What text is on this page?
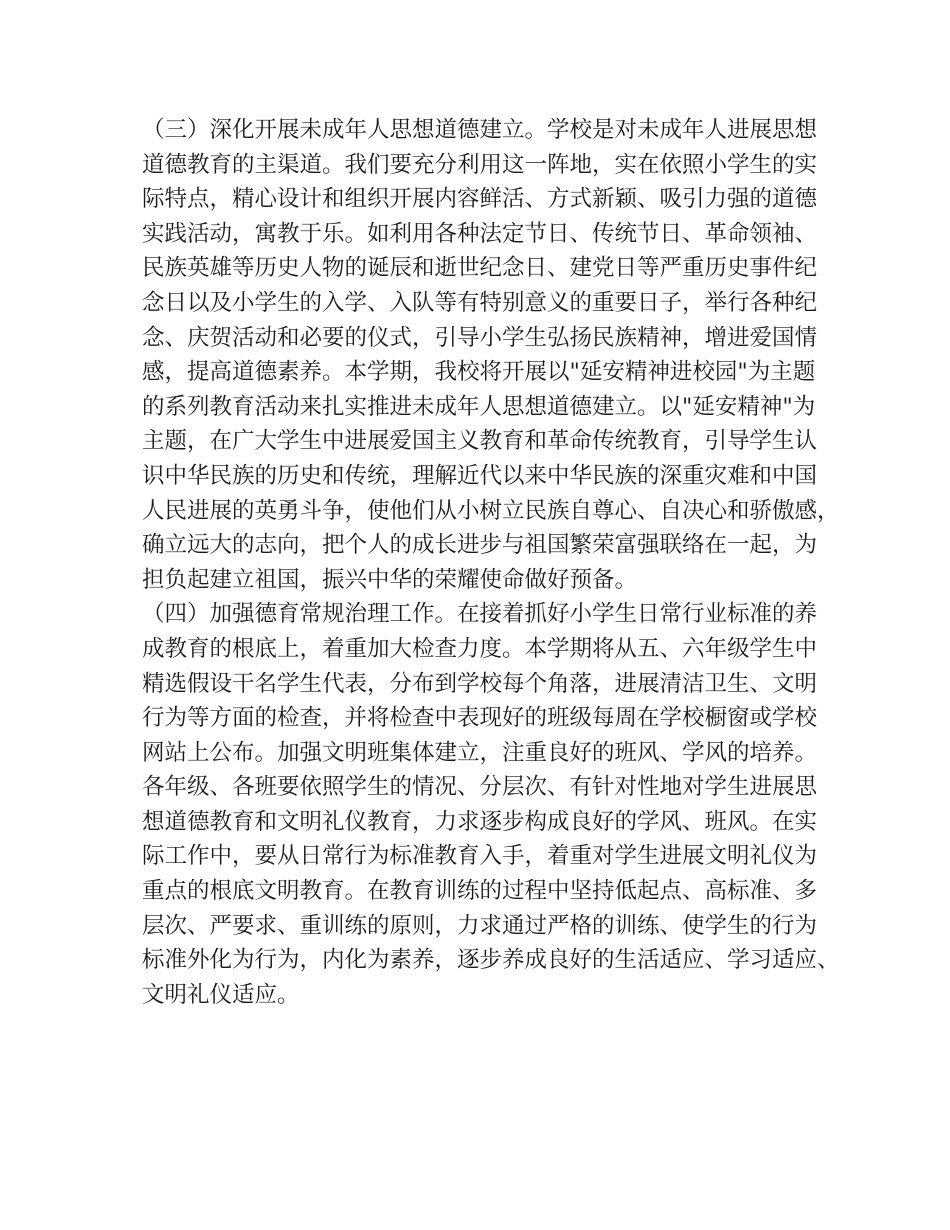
（三）深化开展未成年人思想道德建立。学校是对未成年人进展思想
道德教育的主渠道。我们要充分利用这一阵地，实在依照小学生的实
际特点，精心设计和组织开展内容鲜活、方式新颖、吸引力强的道德
实践活动，寓教于乐。如利用各种法定节日、传统节日、革命领袖、
民族英雄等历史人物的诞辰和逝世纪念日、建党日等严重历史事件纪
念日以及小学生的入学、入队等有特别意义的重要日子，举行各种纪
念、庆贺活动和必要的仪式，引导小学生弘扬民族精神，增进爱国情
感，提高道德素养。本学期，我校将开展以"延安精神进校园"为主题
的系列教育活动来扎实推进未成年人思想道德建立。以"延安精神"为
主题，在广大学生中进展爱国主义教育和革命传统教育，引导学生认
识中华民族的历史和传统，理解近代以来中华民族的深重灾难和中国
人民进展的英勇斗争，使他们从小树立民族自尊心、自决心和骄傲感，
确立远大的志向，把个人的成长进步与祖国繁荣富强联络在一起，为
担负起建立祖国，振兴中华的荣耀使命做好预备。
（四）加强德育常规治理工作。在接着抓好小学生日常行业标准的养
成教育的根底上，着重加大检查力度。本学期将从五、六年级学生中
精选假设干名学生代表，分布到学校每个角落，进展清洁卫生、文明
行为等方面的检查，并将检查中表现好的班级每周在学校橱窗或学校
网站上公布。加强文明班集体建立，注重良好的班风、学风的培养。
各年级、各班要依照学生的情况、分层次、有针对性地对学生进展思
想道德教育和文明礼仪教育，力求逐步构成良好的学风、班风。在实
际工作中，要从日常行为标准教育入手，着重对学生进展文明礼仪为
重点的根底文明教育。在教育训练的过程中坚持低起点、高标准、多
层次、严要求、重训练的原则，力求通过严格的训练、使学生的行为
标准外化为行为，内化为素养，逐步养成良好的生活适应、学习适应、
文明礼仪适应。
